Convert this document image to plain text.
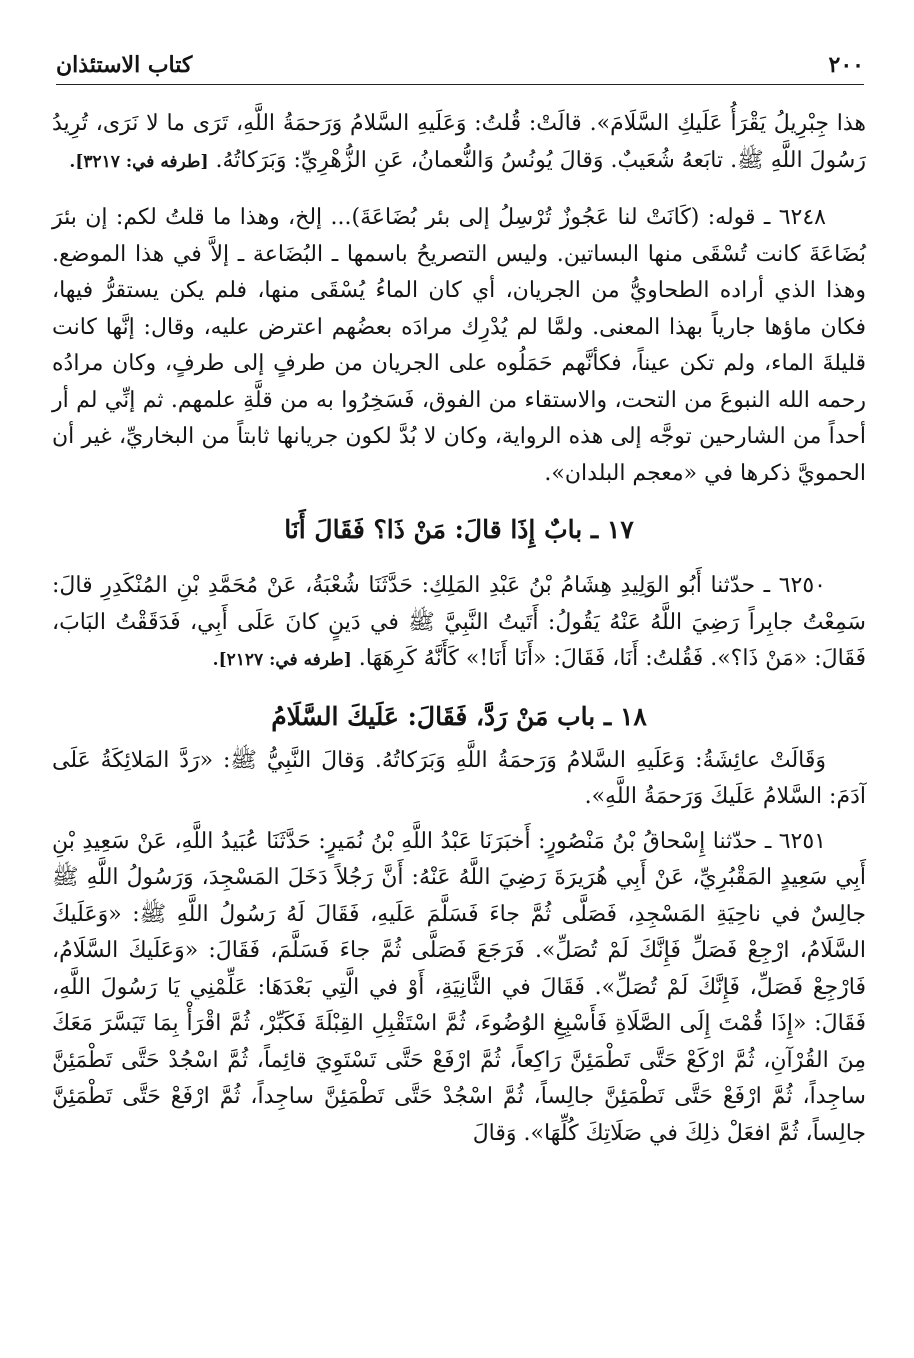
٢٠٠
كتاب الاستئذان

هذا جِبْرِيلُ يَقْرَأُ عَلَيكِ السَّلَامَ». قالَتْ: قُلتُ: وَعَلَيهِ السَّلامُ وَرَحمَةُ اللَّهِ، تَرَى ما لا نَرَى، تُرِيدُ رَسُولَ اللَّهِ ﷺ. تابَعهُ شُعَيبٌ. وَقالَ يُونُسُ وَالنُّعمانُ، عَنِ الزُّهْرِيِّ: وَبَرَكاتُهُ. [طرفه في: ٣٢١٧].

٦٢٤٨ ـ قوله: (كَانَتْ لنا عَجُوزٌ تُرْسِلُ إلى بئر بُضَاعَةَ)... إلخ، وهذا ما قلتُ لكم: إن بئرَ بُضَاعَةَ كانت تُسْقَى منها البساتين. وليس التصريحُ باسمها ـ البُضَاعة ـ إلاَّ في هذا الموضع. وهذا الذي أراده الطحاويُّ من الجريان، أي كان الماءُ يُسْقَى منها، فلم يكن يستقرُّ فيها، فكان ماؤها جارياً بهذا المعنى. ولمَّا لم يُدْرِك مرادَه بعضُهم اعترض عليه، وقال: إنَّها كانت قليلةَ الماء، ولم تكن عيناً، فكأنَّهم حَمَلُوه على الجريان من طرفٍ إلى طرفٍ، وكان مرادُه رحمه الله النبوعَ من التحت، والاستقاء من الفوق، فَسَخِرُوا به من قلَّةِ علمهم. ثم إنِّي لم أر أحداً من الشارحين توجَّه إلى هذه الرواية، وكان لا بُدَّ لكون جريانها ثابتاً من البخاريِّ، غير أن الحمويَّ ذكرها في «معجم البلدان».

١٧ ـ بابٌ إِذَا قالَ: مَنْ ذَا؟ فَقَالَ أَنَا

٦٢٥٠ ـ حدّثنا أَبُو الوَلِيدِ هِشَامُ بْنُ عَبْدِ المَلِكِ: حَدَّثَنَا شُعْبَةُ، عَنْ مُحَمَّدِ بْنِ المُنْكَدِرِ قالَ: سَمِعْتُ جابِراً رَضِيَ اللَّهُ عَنْهُ يَقُولُ: أَتَيتُ النَّبِيَّ ﷺ في دَينٍ كانَ عَلَى أَبِي، فَدَقَقْتُ البَابَ، فَقَالَ: «مَنْ ذَا؟». فَقُلتُ: أَنَا، فَقَالَ: «أَنَا أَنَا!» كَأَنَّهُ كَرِهَهَا. [طرفه في: ٢١٢٧].

١٨ ـ باب مَنْ رَدَّ، فَقَالَ: عَلَيكَ السَّلَامُ

وَقَالَتْ عائِشَةُ: وَعَلَيهِ السَّلامُ وَرَحمَةُ اللَّهِ وَبَرَكاتُهُ. وَقالَ النَّبِيُّ ﷺ: «رَدَّ المَلائِكَةُ عَلَى آدَمَ: السَّلامُ عَلَيكَ وَرَحمَةُ اللَّهِ».

٦٢٥١ ـ حدّثنا إِسْحاقُ بْنُ مَنْصُورٍ: أَخبَرَنَا عَبْدُ اللَّهِ بْنُ نُمَيرٍ: حَدَّثَنَا عُبَيدُ اللَّهِ، عَنْ سَعِيدِ بْنِ أَبِي سَعِيدٍ المَقْبُرِيِّ، عَنْ أَبِي هُرَيرَةَ رَضِيَ اللَّهُ عَنْهُ: أَنَّ رَجُلاً دَخَلَ المَسْجِدَ، وَرَسُولُ اللَّهِ ﷺ جالِسٌ في ناحِيَةِ المَسْجِدِ، فَصَلَّى ثُمَّ جاءَ فَسَلَّمَ عَلَيهِ، فَقَالَ لَهُ رَسُولُ اللَّهِ ﷺ: «وَعَلَيكَ السَّلَامُ، ارْجِعْ فَصَلِّ فَإِنَّكَ لَمْ تُصَلِّ». فَرَجَعَ فَصَلَّى ثُمَّ جاءَ فَسَلَّمَ، فَقَالَ: «وَعَلَيكَ السَّلَامُ، فَارْجِعْ فَصَلِّ، فَإِنَّكَ لَمْ تُصَلِّ». فَقَالَ في الثَّانِيَةِ، أَوْ في الَّتِي بَعْدَهَا: عَلِّمْنِي يَا رَسُولَ اللَّهِ، فَقَالَ: «إِذَا قُمْتَ إِلَى الصَّلَاةِ فَأَسْبِغِ الوُضُوءَ، ثُمَّ اسْتَقْبِلِ القِبْلَةَ فَكَبِّرْ، ثُمَّ اقْرَأْ بِمَا تَيَسَّرَ مَعَكَ مِنَ القُرْآنِ، ثُمَّ ارْكَعْ حَتَّى تَطْمَئِنَّ رَاكِعاً، ثُمَّ ارْفَعْ حَتَّى تَسْتَوِيَ قائِماً، ثُمَّ اسْجُدْ حَتَّى تَطْمَئِنَّ ساجِداً، ثُمَّ ارْفَعْ حَتَّى تَطْمَئِنَّ جالِساً، ثُمَّ اسْجُدْ حَتَّى تَطْمَئِنَّ ساجِداً، ثُمَّ ارْفَعْ حَتَّى تَطْمَئِنَّ جالِساً، ثُمَّ افعَلْ ذلِكَ في صَلَاتِكَ كُلِّهَا». وَقالَ
